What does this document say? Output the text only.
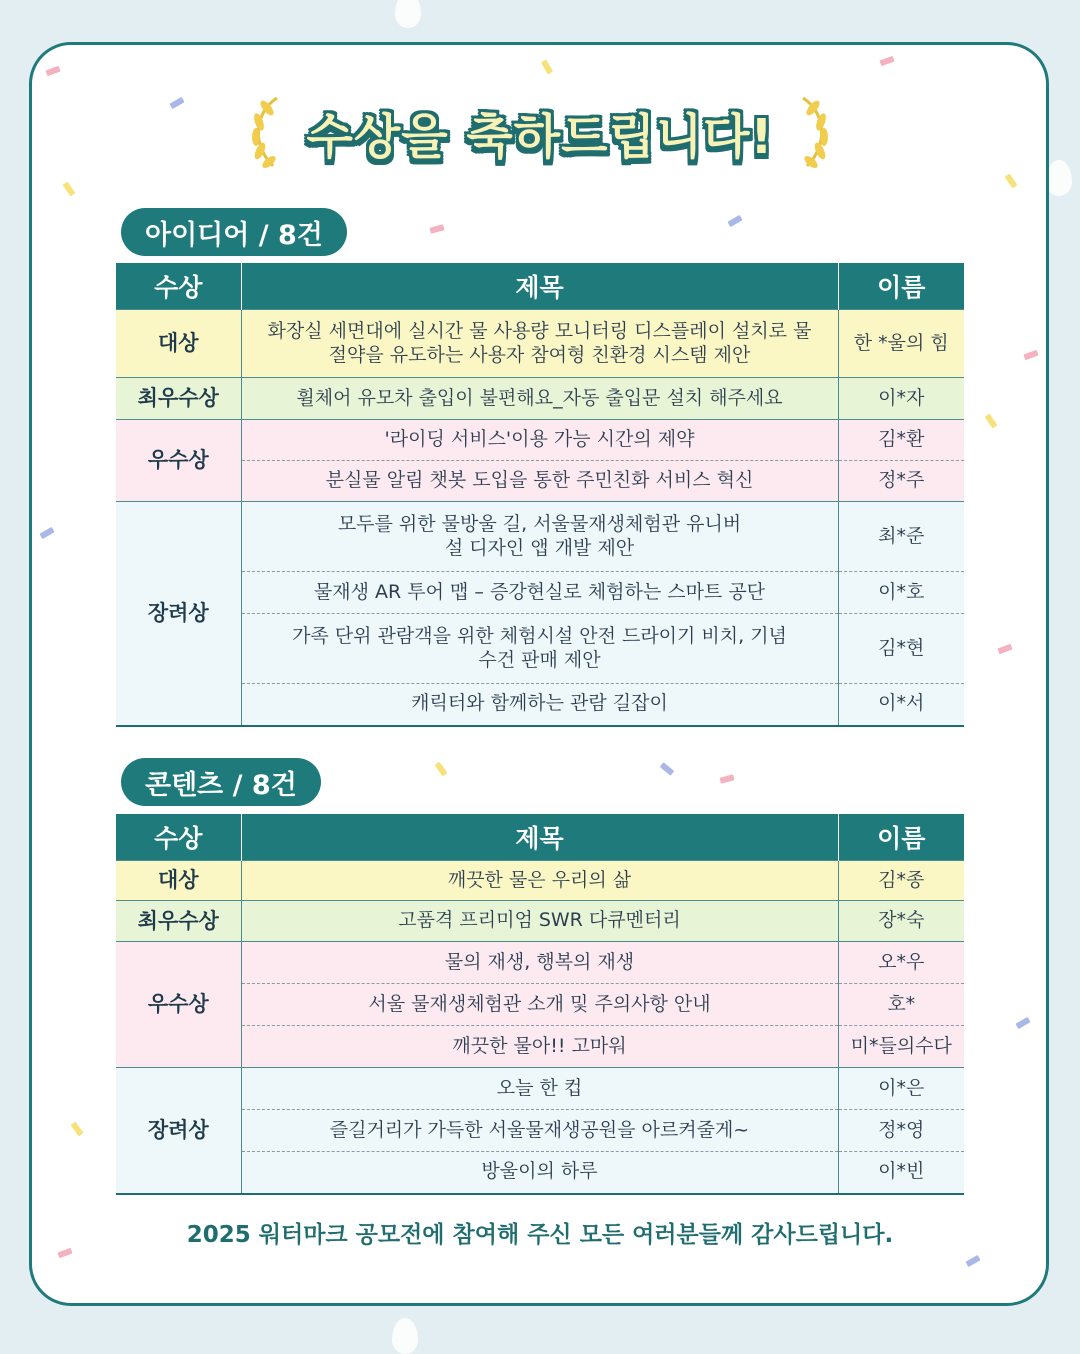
수상을 축하드립니다!
아이디어 / 8건
수상	제목	이름
대상	화장실 세면대에 실시간 물 사용량 모니터링 디스플레이 설치로 물 절약을 유도하는 사용자 참여형 친환경 시스템 제안	한 *울의 힘
최우수상	휠체어 유모차 출입이 불편해요_자동 출입문 설치 해주세요	이*자
우수상	'라이딩 서비스'이용 가능 시간의 제약	김*환
	분실물 알림 챗봇 도입을 통한 주민친화 서비스 혁신	정*주
장려상	모두를 위한 물방울 길, 서울물재생체험관 유니버설 디자인 앱 개발 제안	최*준
	물재생 AR 투어 맵 – 증강현실로 체험하는 스마트 공단	이*호
	가족 단위 관람객을 위한 체험시설 안전 드라이기 비치, 기념 수건 판매 제안	김*현
	캐릭터와 함께하는 관람 길잡이	이*서
콘텐츠 / 8건
수상	제목	이름
대상	깨끗한 물은 우리의 삶	김*종
최우수상	고품격 프리미엄 SWR 다큐멘터리	장*숙
우수상	물의 재생, 행복의 재생	오*우
	서울 물재생체험관 소개 및 주의사항 안내	호*
	깨끗한 물아!! 고마워	미*들의수다
장려상	오늘 한 컵	이*은
	즐길거리가 가득한 서울물재생공원을 아르켜줄게~	정*영
	방울이의 하루	이*빈
2025 워터마크 공모전에 참여해 주신 모든 여러분들께 감사드립니다.
